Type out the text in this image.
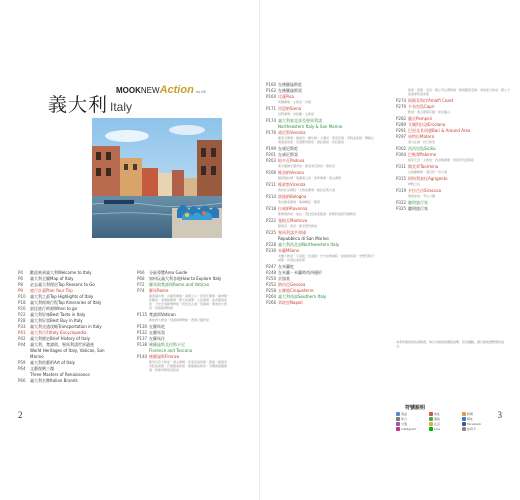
義大利 Italy
MOOKNEWAction no.65
P4 歡迎來到義大利Welcome to Italy
P6 義大利全圖Map of Italy
P8 必去義大利理由Top Reasons to Go
P9 旅行計畫Plan Your Trip
P10 義大利之最Top Highlights of Italy
P18 義大利經典行程Top Itineraries of Italy
P20 最佳旅行時刻When to go
P22 義大利好味Best Taste in Italy
P28 義大利好買Best Buy in Italy
P33 義大利交通攻略Transportation in Italy
P41 義大利百科Italy Encyclopedia
P42 義大利歷史Brief History of Italy
P44 義大利、梵諦岡、聖馬利諾世界遺產
World Heritages of Italy, Vatican, San
Marino
P59 義大利的藝術Art of Italy
P64 文藝復興三傑
Three Masters of Renaissance
P66 義大利名牌Italian Brands
P66 分區導覽Area Guide
P68 如何玩義大利各地How to Explore Italy
P72 羅馬與梵諦岡Rome and Vatican
P74 羅馬Rome
羅馬競技場・古羅馬廣場・真理之口・西班牙廣場・萬神殿・許願池・拿佛納廣場・聖天使城堡・人民廣場・波各賽美術館・卡比托利歐博物館・阿皮亞古道・梵諦岡・聖彼得大教堂・梵諦岡博物館
P115 梵諦岡Vatican
聖彼得大教堂・梵諦岡博物館・西斯汀禮拜堂
P130 在羅馬吃
P132 在羅馬買
P137 在羅馬住
P138 佛羅倫斯及托斯卡尼
Florence and Toscana
P140 佛羅倫斯Firenze
聖母百花大教堂・領主廣場・烏菲茲美術館・舊橋・碧提宮・學院美術館・巴傑羅美術館・聖羅倫佐教堂・米開朗基羅廣場・新聖母瑪利亞教堂
2
P160 在佛羅倫斯吃
P162 在佛羅倫斯買
P164 比薩Pisa
奇蹟廣場・主教堂・斜塔
P171 西恩納Siena
田野廣場・市政廳・主教堂
P174 義大利東北部及聖馬利諾
Northeastern Italy & San Marino
P176 威尼斯Venezia
聖馬可廣場・總督宮・嘆息橋・大運河・里亞托橋・學院美術館・佩姬古根漢美術館・安康聖母教堂・慕拉諾島・布拉諾島
P199 在威尼斯吃
P201 在威尼斯買
P203 帕多瓦Padova
斯克羅維尼禮拜堂・聖安東尼教堂・理性宮
P206 維洛納Verona
圓形競技場・茱麗葉之家・香草廣場・領主廣場
P211 維欽察Vicenza
奧林匹克劇院・大教堂廣場・帕拉底奧大道
P214 波隆納Bologna
馬吉歐雷廣場・海神噴泉・雙塔
P218 拉威納Ravenna
聖維塔教堂・加拉・普拉契迪亞陵墓・新聖阿波里奈爾教堂
P222 曼帕瓦Mantova
總督宮・泰宮・聖安德烈教堂
P225 聖馬利諾共和國
Repubblica di San Marino
P228 義大利西北部Northwestern Italy
P230 米蘭Milano
米蘭大教堂・艾曼紐二世迴廊・史卡拉歌劇院・最後的晚餐・史豐哲斯可城堡・布雷拉美術館
P247 在米蘭吃
P248 在米蘭・米蘭時尚四邊形
P250 貝加莫
P252 熱內亞Genova
P258 五鄉地Cinqueterre
P264 義大利南部Southern Italy
P266 拿坡里Napoli
新堡・蛋堡・皇宮・國立考古博物館・聖塔露西亞港・拿坡里大教堂・國立卡波迪蒙特美術館
P274 阿瑪菲海岸Amalfi Coast
P279 卡布里島Capri
藍洞・奧古斯都花園・索拉羅山
P282 龐貝Pompeii
P289 艾爾科拉諾Ercolano
P291 巴里及其周邊Bari & Around Area
P297 馬特拉Matera
洞穴住屋・岩石教堂
P302 西西里島Sicilia
P304 巴勒摩Palermo
諾曼王宮・主教堂・四首歌廣場・普雷托利亞噴泉
P311 陶美拿Taormina
古希臘劇場・溫貝托一世大道
P315 阿格利真托Agrigento
神殿之谷
P319 夕拉古沙Siracusa
奧提加島・考古公園
P322 聰明旅行家
P325 聰明旅行家
3
本書所提供的各項資訊，均以出版前的調查為準，若有變動，請以當地實際情況為主。
符號說明
電話	地址	時間
休日	價格	網址
交通	注意	Facebook
Instagram	Line	信用卡
